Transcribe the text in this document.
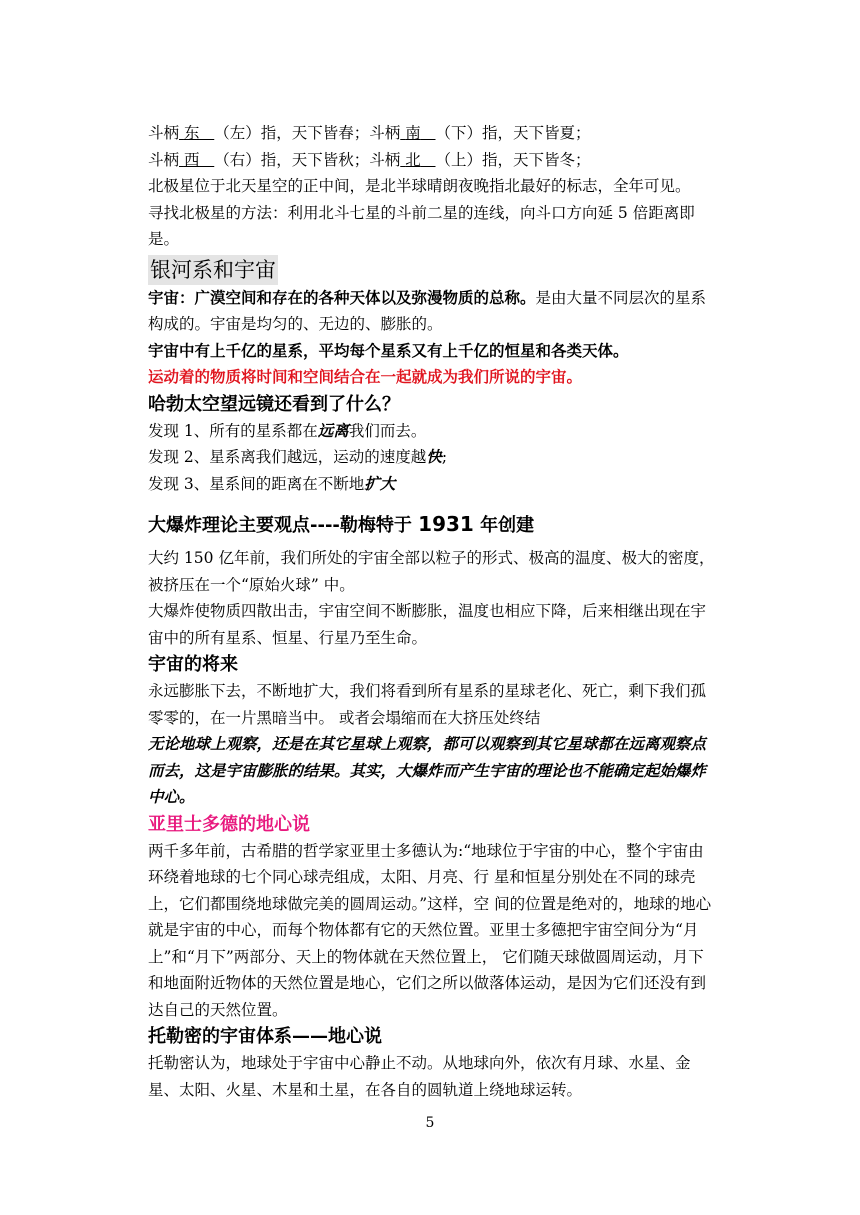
斗柄 东 （左）指，天下皆春；斗柄 南 （下）指，天下皆夏；
斗柄 西 （右）指，天下皆秋；斗柄 北 （上）指，天下皆冬；
北极星位于北天星空的正中间，是北半球晴朗夜晚指北最好的标志，全年可见。
寻找北极星的方法：利用北斗七星的斗前二星的连线，向斗口方向延 5 倍距离即是。
银河系和宇宙
宇宙：广漠空间和存在的各种天体以及弥漫物质的总称。是由大量不同层次的星系构成的。宇宙是均匀的、无边的、膨胀的。
宇宙中有上千亿的星系，平均每个星系又有上千亿的恒星和各类天体。
运动着的物质将时间和空间结合在一起就成为我们所说的宇宙。
哈勃太空望远镜还看到了什么？
发现 1、所有的星系都在远离我们而去。
发现 2、星系离我们越远，运动的速度越快;
发现 3、星系间的距离在不断地扩大
大爆炸理论主要观点----勒梅特于 1931 年创建
大约 150 亿年前，我们所处的宇宙全部以粒子的形式、极高的温度、极大的密度，被挤压在一个“原始火球” 中。
大爆炸使物质四散出击，宇宙空间不断膨胀，温度也相应下降，后来相继出现在宇宙中的所有星系、恒星、行星乃至生命。
宇宙的将来
永远膨胀下去，不断地扩大，我们将看到所有星系的星球老化、死亡，剩下我们孤零零的，在一片黑暗当中。 或者会塌缩而在大挤压处终结
无论地球上观察，还是在其它星球上观察，都可以观察到其它星球都在远离观察点而去，这是宇宙膨胀的结果。其实，大爆炸而产生宇宙的理论也不能确定起始爆炸中心。
亚里士多德的地心说
两千多年前，古希腊的哲学家亚里士多德认为:“地球位于宇宙的中心，整个宇宙由环绕着地球的七个同心球壳组成，太阳、月亮、行 星和恒星分别处在不同的球壳上，它们都围绕地球做完美的圆周运动。”这样，空 间的位置是绝对的，地球的地心就是宇宙的中心，而每个物体都有它的天然位置。亚里士多德把宇宙空间分为“月上”和“月下”两部分、天上的物体就在天然位置上， 它们随天球做圆周运动，月下和地面附近物体的天然位置是地心，它们之所以做落体运动，是因为它们还没有到达自己的天然位置。
托勒密的宇宙体系——地心说
托勒密认为，地球处于宇宙中心静止不动。从地球向外，依次有月球、水星、金星、太阳、火星、木星和土星，在各自的圆轨道上绕地球运转。
5
